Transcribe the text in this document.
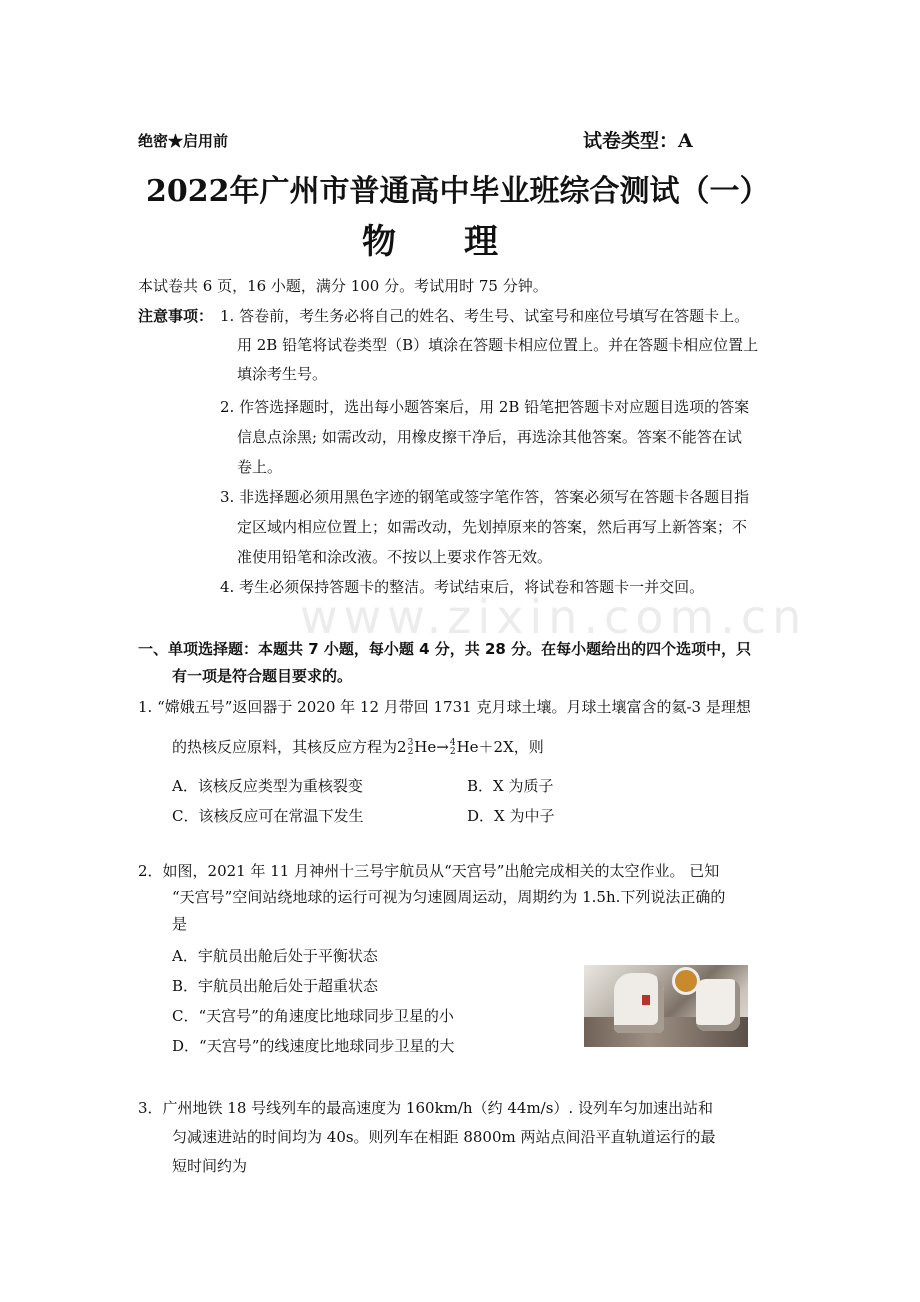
绝密★启用前	试卷类型：A
2022年广州市普通高中毕业班综合测试（一）
物　　理
本试卷共 6 页，16 小题，满分 100 分。考试用时 75 分钟。
注意事项： 1. 答卷前，考生务必将自己的姓名、考生号、试室号和座位号填写在答题卡上。
用 2B 铅笔将试卷类型（B）填涂在答题卡相应位置上。并在答题卡相应位置上
填涂考生号。
2. 作答选择题时，选出每小题答案后，用 2B 铅笔把答题卡对应题目选项的答案
信息点涂黑; 如需改动，用橡皮擦干净后，再选涂其他答案。答案不能答在试
卷上。
3. 非选择题必须用黑色字迹的钢笔或签字笔作答，答案必须写在答题卡各题目指
定区域内相应位置上；如需改动，先划掉原来的答案，然后再写上新答案；不
准使用铅笔和涂改液。不按以上要求作答无效。
4. 考生必须保持答题卡的整洁。考试结束后，将试卷和答题卡一并交回。
www.zixin.com.cn
一、单项选择题：本题共 7 小题，每小题 4 分，共 28 分。在每小题给出的四个选项中，只
有一项是符合题目要求的。
1. “嫦娥五号”返回器于 2020 年 12 月带回 1731 克月球土壤。月球土壤富含的氦-3 是理想
的热核反应原料，其核反应方程为2 3
2 He→ 4
2 He＋2X，则
A．该核反应类型为重核裂变	B．X 为质子
C．该核反应可在常温下发生	D．X 为中子
2．如图，2021 年 11 月神州十三号宇航员从“天宫号”出舱完成相关的太空作业。 已知
“天宫号”空间站绕地球的运行可视为匀速圆周运动，周期约为 1.5h.下列说法正确的
是
A．宇航员出舱后处于平衡状态
B．宇航员出舱后处于超重状态
C．“天宫号”的角速度比地球同步卫星的小
D．“天宫号”的线速度比地球同步卫星的大
3．广州地铁 18 号线列车的最高速度为 160km/h（约 44m/s）. 设列车匀加速出站和
匀减速进站的时间均为 40s。则列车在相距 8800m 两站点间沿平直轨道运行的最
短时间约为
